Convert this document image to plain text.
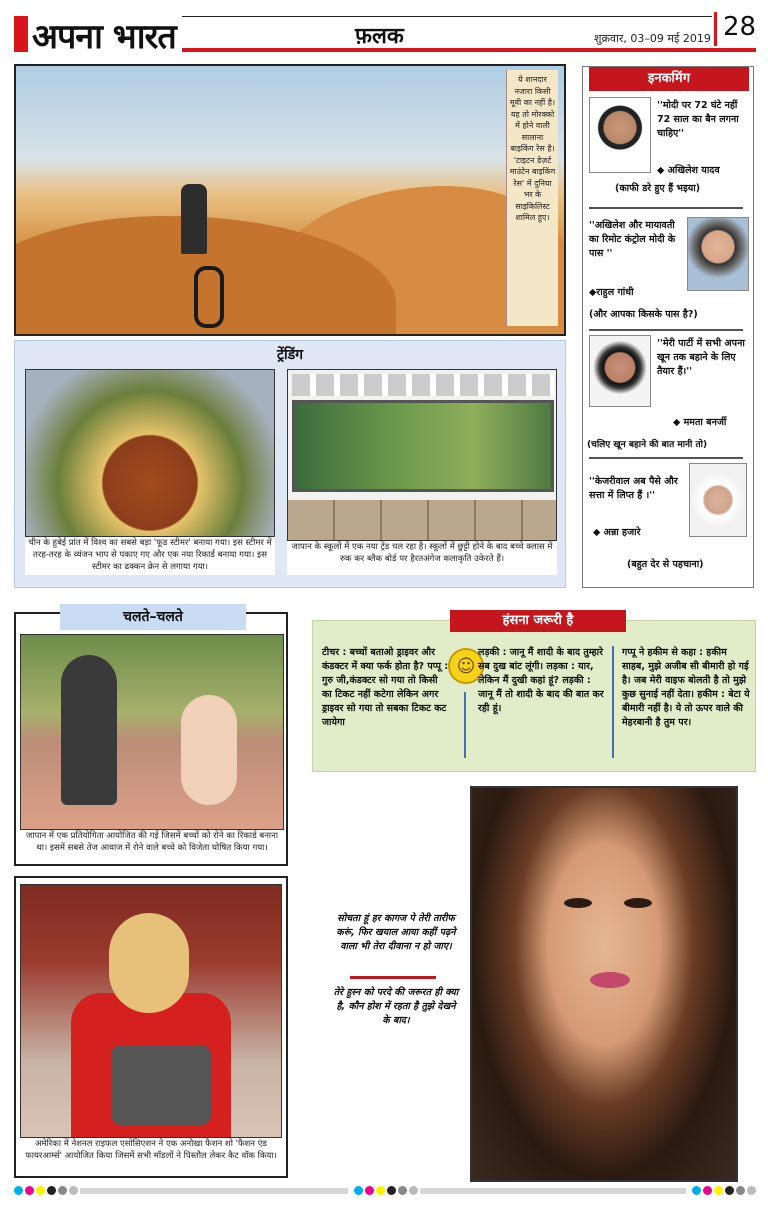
अपना भारत	फ़लक	शुक्रवार, 03–09 मई 2019 28
ये शानदार नजारा किसी मूवी का नहीं है। यह तो मोरक्को में होने वाली सालाना बाइकिंग रेस है। 'टाइटन डेज़र्ट माउंटेन बाइकिंग रेस' में दुनिया भर के साइकिलिस्ट शामिल हुए।
ट्रेंडिंग
चीन के हुबेई प्रांत में विश्व का सबसे बड़ा 'फूड स्टीमर' बनाया गया। इस स्टीमर में तरह-तरह के व्यंजन भाप से पकाए गए और एक नया रिकार्ड बनाया गया। इस स्टीमर का ढक्कन क्रेन से लगाया गया।
जापान के स्कूलों में एक नया ट्रेंड चल रहा है। स्कूलों में छुट्टी होने के बाद बच्चे क्लास में रुक कर ब्लैक बोर्ड पर हैरतअंगेज कलाकृति उकेरते हैं।
इनकमिंग
''मोदी पर 72 घंटे नहीं 72 साल का बैन लगना चाहिए''
◆ अखिलेश यादव
(काफी डरे हुए हैं भइया)
''अखिलेश और मायावती का रिमोट कंट्रोल मोदी के पास ''
◆राहुल गांधी
(और आपका किसके पास है?)
''मेरी पार्टी में सभी अपना खून तक बहाने के लिए तैयार हैं।''
◆ ममता बनर्जी
(चलिए खून बहाने की बात मानी तो)
''केजरीवाल अब पैसे और सत्ता में लिप्त हैं ।''
◆ अन्ना हजारे
(बहुत देर से पहचाना)
चलते–चलते
जापान में एक प्रतियोगिता आयोजित की गई जिसमें बच्चों को रोने का रिकार्ड बनाना था। इसमें सबसे तेज आवाज में रोने वाले बच्चे को विजेता घोषित किया गया।
अमेरिका में नेशनल राइफल एसोसिएशन ने एक अनोखा फैशन शो 'फैशन एंड फायरआर्म्स' आयोजित किया जिसमें सभी मॉडलों ने पिस्तौल लेकर कैट वॉक किया।
हंसना जरूरी है
टीचर : बच्चों बताओ ड्राइवर और कंडक्टर में क्या फर्क होता है? पप्पू : गुरु जी,कंडक्टर सो गया तो किसी का टिकट नहीं कटेगा लेकिन अगर ड्राइवर सो गया तो सबका टिकट कट जायेगा
☺
लड़की : जानू मैं शादी के बाद तुम्हारे सब दुख बांट लूंगी। लड़का : यार, लेकिन मैं दुखी कहां हूं? लड़की : जानू मैं तो शादी के बाद की बात कर रही हूं।
गप्पू ने हकीम से कहा : हकीम साहब, मुझे अजीब सी बीमारी हो गई है। जब मेरी वाइफ बोलती है तो मुझे कुछ सुनाई नहीं देता। हकीम : बेटा ये बीमारी नहीं है। ये तो ऊपर वाले की मेहरबानी है तुम पर।
सोचता हूं हर कागज पे तेरी तारीफ करूं, फिर खयाल आया कहीं पढ़ने वाला भी तेरा दीवाना न हो जाए।
तेरे हुस्न को परदे की जरूरत ही क्या है, कौन होश में रहता है तुझे देखने के बाद।
